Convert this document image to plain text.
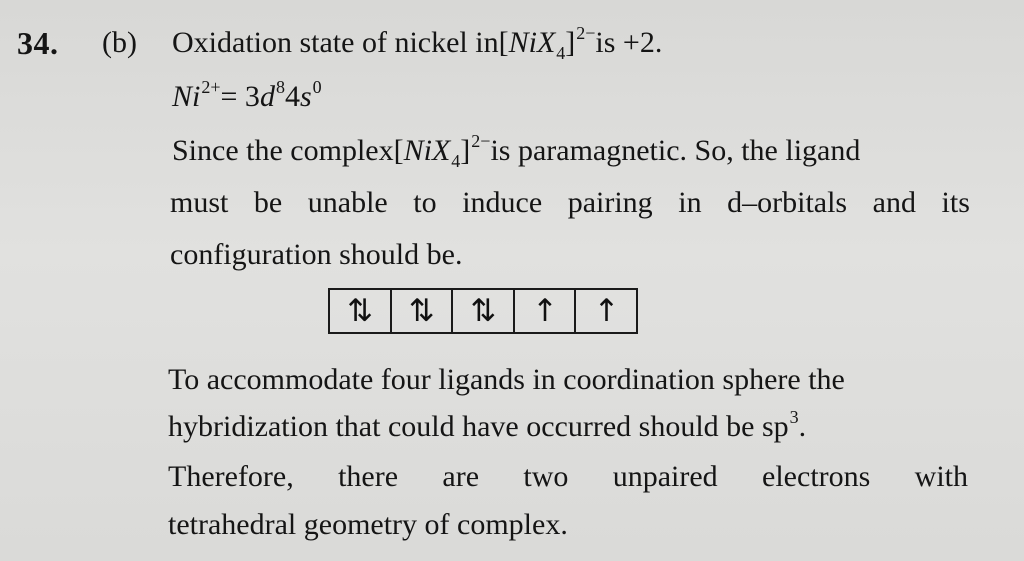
34. (b) Oxidation state of nickel in[NiX4]2−is +2.
Ni2+= 3d84s0
Since the complex[NiX4]2−is paramagnetic. So, the ligand
must be unable to induce pairing in d–orbitals and its
configuration should be.
⇅	⇅	⇅	↑	↑
To accommodate four ligands in coordination sphere the
hybridization that could have occurred should be sp3.
Therefore, there are two unpaired electrons with
tetrahedral geometry of complex.
